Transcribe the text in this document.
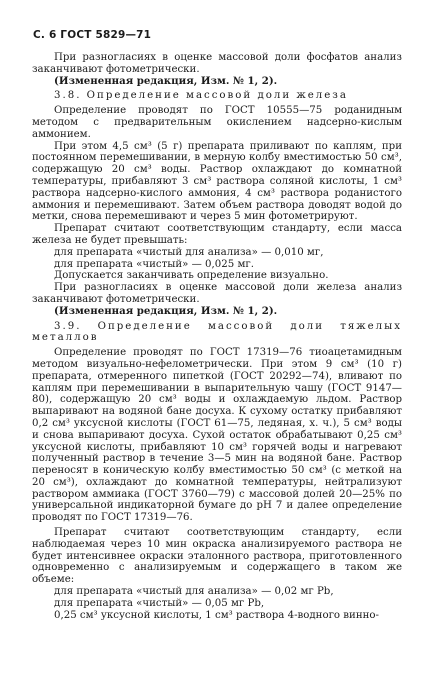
С. 6 ГОСТ 5829—71

При разногласиях в оценке массовой доли фосфатов анализ заканчивают фотометрически.

(Измененная редакция, Изм. № 1, 2).

3.8. Определение массовой доли железа

Определение проводят по ГОСТ 10555—75 роданидным методом с предварительным окислением надсерно-кислым аммонием.

При этом 4,5 см³ (5 г) препарата приливают по каплям, при постоянном перемешивании, в мерную колбу вместимостью 50 см³, содержащую 20 см³ воды. Раствор охлаждают до комнатной температуры, прибавляют 3 см³ раствора соляной кислоты, 1 см³ раствора надсерно-кислого аммония, 4 см³ раствора роданистого аммония и перемешивают. Затем объем раствора доводят водой до метки, снова перемешивают и через 5 мин фотометрируют.

Препарат считают соответствующим стандарту, если масса железа не будет превышать:

для препарата «чистый для анализа» — 0,010 мг,

для препарата «чистый» — 0,025 мг.

Допускается заканчивать определение визуально.

При разногласиях в оценке массовой доли железа анализ заканчивают фотометрически.

(Измененная редакция, Изм. № 1, 2).

3.9. Определение массовой доли тяжелых металлов

Определение проводят по ГОСТ 17319—76 тиоацетамидным методом визуально-нефелометрически. При этом 9 см³ (10 г) препарата, отмеренного пипеткой (ГОСТ 20292—74), вливают по каплям при перемешивании в выпарительную чашу (ГОСТ 9147—80), содержащую 20 см³ воды и охлаждаемую льдом. Раствор выпаривают на водяной бане досуха. К сухому остатку прибавляют 0,2 см³ уксусной кислоты (ГОСТ 61—75, ледяная, х. ч.), 5 см³ воды и снова выпаривают досуха. Сухой остаток обрабатывают 0,25 см³ уксусной кислоты, прибавляют 10 см³ горячей воды и нагревают полученный раствор в течение 3—5 мин на водяной бане. Раствор переносят в коническую колбу вместимостью 50 см³ (с меткой на 20 см³), охлаждают до комнатной температуры, нейтрализуют раствором аммиака (ГОСТ 3760—79) с массовой долей 20—25% по универсальной индикаторной бумаге до pH 7 и далее определение проводят по ГОСТ 17319—76.

Препарат считают соответствующим стандарту, если наблюдаемая через 10 мин окраска анализируемого раствора не будет интенсивнее окраски эталонного раствора, приготовленного одновременно с анализируемым и содержащего в таком же объеме:

для препарата «чистый для анализа» — 0,02 мг Pb,

для препарата «чистый» — 0,05 мг Pb,

0,25 см³ уксусной кислоты, 1 см³ раствора 4-водного винно-
